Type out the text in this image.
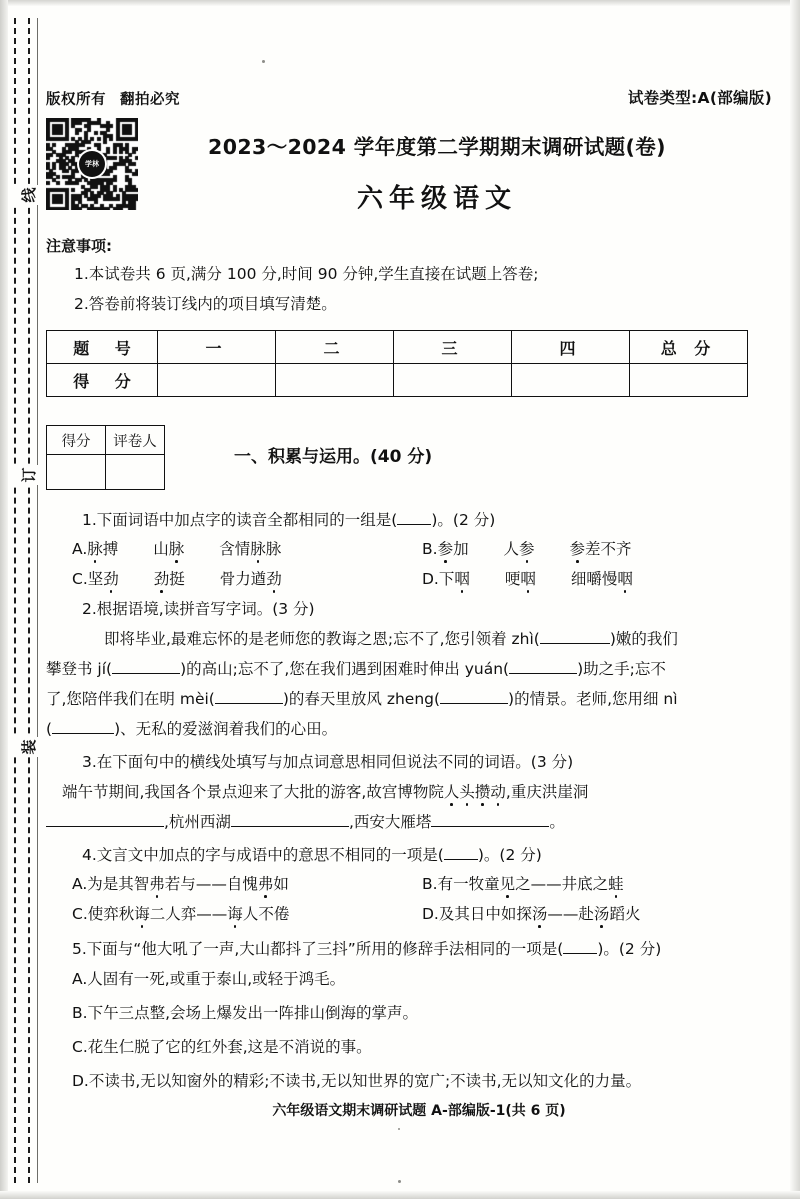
线
订
装
版权所有 翻拍必究	试卷类型:A(部编版)
学林
2023～2024 学年度第二学期期末调研试题(卷)
六年级语文
注意事项:
1.本试卷共 6 页,满分 100 分,时间 90 分钟,学生直接在试题上答卷;
2.答卷前将装订线内的项目填写清楚。
题 号	一	二	三	四	总 分
得 分					
得分	评卷人

一、积累与运用。(40 分)
1.下面词语中加点字的读音全都相同的一组是( )。(2 分)
A.脉搏 山脉 含情脉脉	B.参加 人参 参差不齐
C.坚劲 劲挺 骨力遒劲	D.下咽 哽咽 细嚼慢咽
2.根据语境,读拼音写字词。(3 分)
即将毕业,最难忘怀的是老师您的教诲之恩;忘不了,您引领着 zhì(	)嫩的我们
攀登书 jí(	)的高山;忘不了,您在我们遇到困难时伸出 yuán(	)助之手;忘不
了,您陪伴我们在明 mèi(	)的春天里放风 zheng(	)的情景。老师,您用细 nì
(	)、无私的爱滋润着我们的心田。
3.在下面句中的横线处填写与加点词意思相同但说法不同的词语。(3 分)
端午节期间,我国各个景点迎来了大批的游客,故宫博物院人头攒动,重庆洪崖洞
,杭州西湖	,西安大雁塔	。
4.文言文中加点的字与成语中的意思不相同的一项是( )。(2 分)
A.为是其智弗若与——自愧弗如	B.有一牧童见之——井底之蛙
C.使弈秋诲二人弈——诲人不倦	D.及其日中如探汤——赴汤蹈火
5.下面与“他大吼了一声,大山都抖了三抖”所用的修辞手法相同的一项是( )。(2 分)
A.人固有一死,或重于泰山,或轻于鸿毛。
B.下午三点整,会场上爆发出一阵排山倒海的掌声。
C.花生仁脱了它的红外套,这是不消说的事。
D.不读书,无以知窗外的精彩;不读书,无以知世界的宽广;不读书,无以知文化的力量。
六年级语文期末调研试题 A-部编版-1(共 6 页)
